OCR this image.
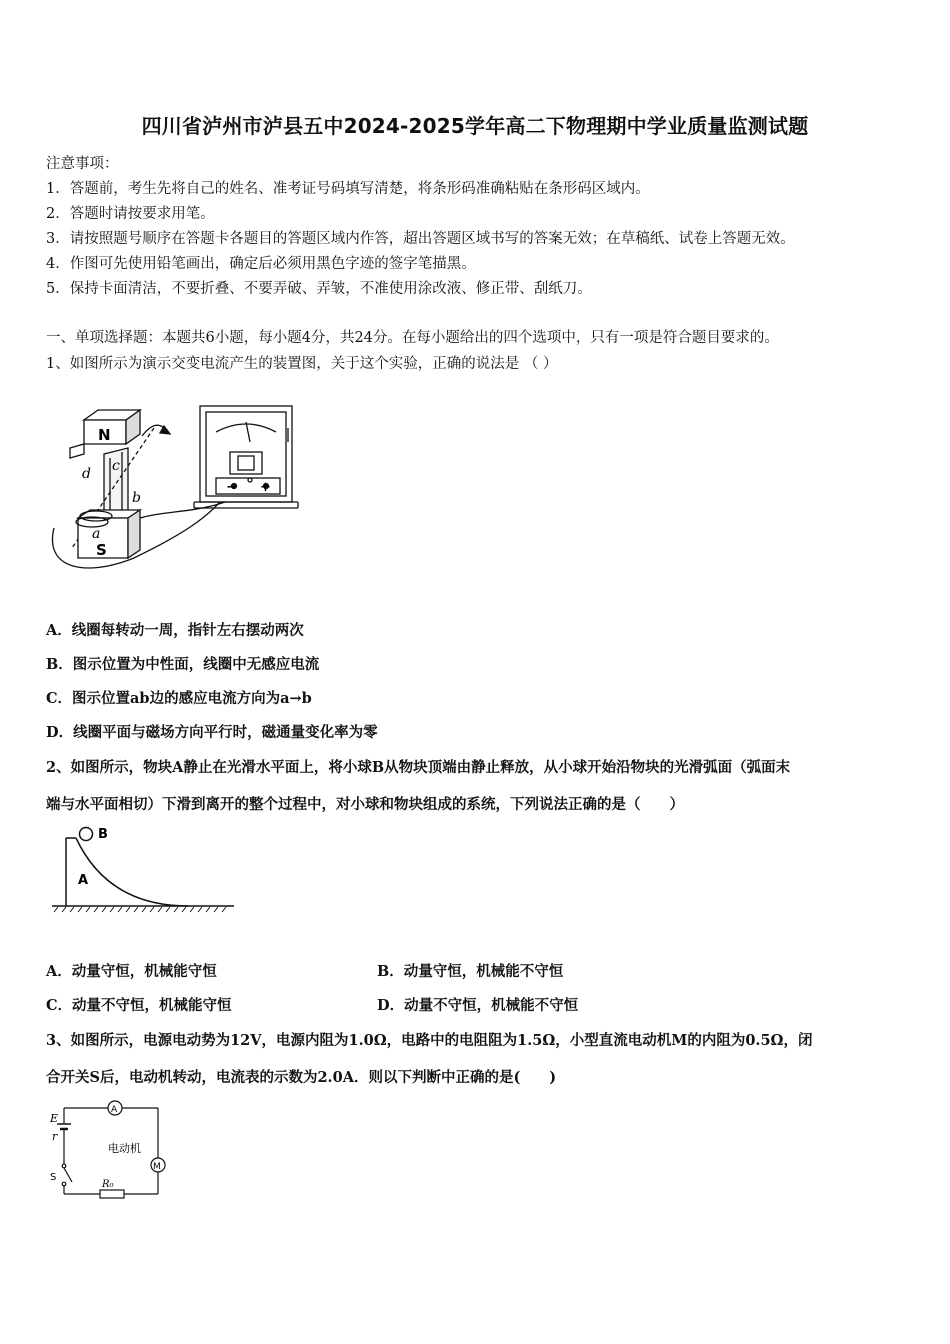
四川省泸州市泸县五中2024-2025学年高二下物理期中学业质量监测试题
注意事项：
1．答题前，考生先将自己的姓名、准考证号码填写清楚，将条形码准确粘贴在条形码区域内。
2．答题时请按要求用笔。
3．请按照题号顺序在答题卡各题目的答题区域内作答，超出答题区域书写的答案无效；在草稿纸、试卷上答题无效。
4．作图可先使用铅笔画出，确定后必须用黑色字迹的签字笔描黑。
5．保持卡面清洁，不要折叠、不要弄破、弄皱，不准使用涂改液、修正带、刮纸刀。
一、单项选择题：本题共6小题，每小题4分，共24分。在每小题给出的四个选项中，只有一项是符合题目要求的。
1、如图所示为演示交变电流产生的装置图，关于这个实验，正确的说法是 （ ）
N
S
a
b
c
d
− +
A．线圈每转动一周，指针左右摆动两次
B．图示位置为中性面，线圈中无感应电流
C．图示位置ab边的感应电流方向为a→b
D．线圈平面与磁场方向平行时，磁通量变化率为零
2、如图所示，物块A静止在光滑水平面上，将小球B从物块顶端由静止释放，从小球开始沿物块的光滑弧面（弧面末
端与水平面相切）下滑到离开的整个过程中，对小球和物块组成的系统，下列说法正确的是（　　）
B
A
A．动量守恒，机械能守恒	B．动量守恒，机械能不守恒
C．动量不守恒，机械能守恒	D．动量不守恒，机械能不守恒
3、如图所示，电源电动势为12V，电源内阻为1.0Ω，电路中的电阻阻为1.5Ω，小型直流电动机M的内阻为0.5Ω，闭
合开关S后，电动机转动，电流表的示数为2.0A．则以下判断中正确的是(　　)
A
M
电动机
E
r
S
R₀
